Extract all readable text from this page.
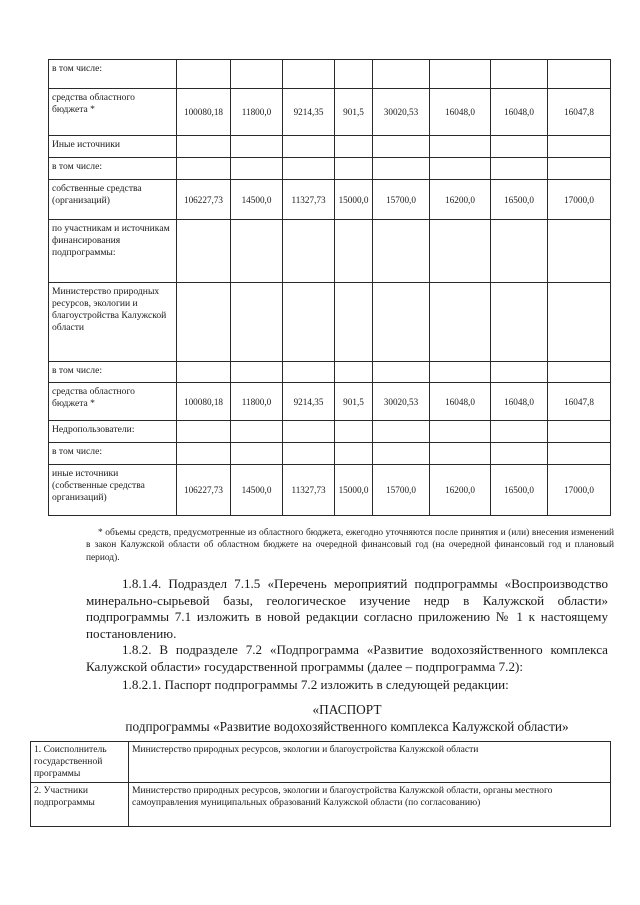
в том числе:								
средства областного бюджета *	100080,18	11800,0	9214,35	901,5	30020,53	16048,0	16048,0	16047,8
Иные источники								
в том числе:								
собственные средства (организаций)	106227,73	14500,0	11327,73	15000,0	15700,0	16200,0	16500,0	17000,0
по участникам и источникам финансирования подпрограммы:								
Министерство природных ресурсов, экологии и благоустройства Калужской области								
в том числе:								
средства областного бюджета *	100080,18	11800,0	9214,35	901,5	30020,53	16048,0	16048,0	16047,8
Недропользователи:								
в том числе:								
иные источники (собственные средства организаций)	106227,73	14500,0	11327,73	15000,0	15700,0	16200,0	16500,0	17000,0
* объемы средств, предусмотренные из областного бюджета, ежегодно уточняются после принятия и (или) внесения изменений в закон Калужской области об областном бюджете на очередной финансовый год (на очередной финансовый год и плановый период).
1.8.1.4. Подраздел 7.1.5 «Перечень мероприятий подпрограммы «Воспроизводство минерально-сырьевой базы, геологическое изучение недр в Калужской области» подпрограммы 7.1 изложить в новой редакции согласно приложению № 1 к настоящему постановлению.
1.8.2. В подразделе 7.2 «Подпрограмма «Развитие водохозяйственного комплекса Калужской области» государственной программы (далее – подпрограмма 7.2):
1.8.2.1. Паспорт подпрограммы 7.2 изложить в следующей редакции:
«ПАСПОРТ
подпрограммы «Развитие водохозяйственного комплекса Калужской области»
1. Соисполнитель государственной программы	Министерство природных ресурсов, экологии и благоустройства Калужской области
2. Участники подпрограммы	Министерство природных ресурсов, экологии и благоустройства Калужской области, органы местного самоуправления муниципальных образований Калужской области (по согласованию)
